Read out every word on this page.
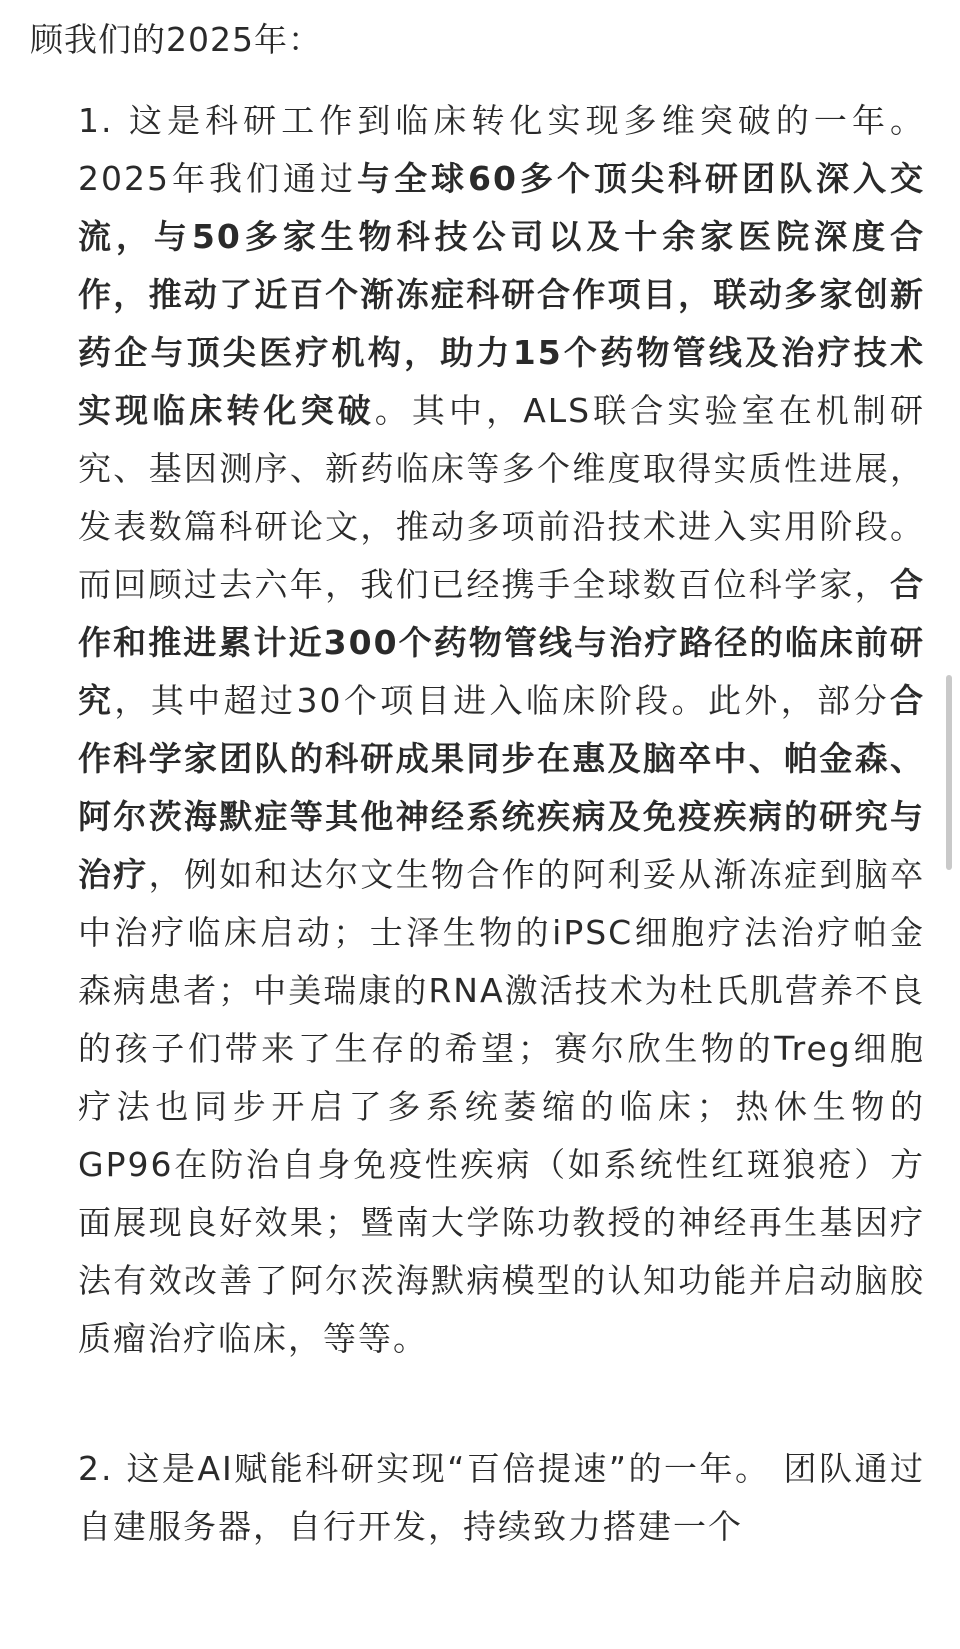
顾我们的2025年：

1. 这是科研工作到临床转化实现多维突破的一年。2025年我们通过与全球60多个顶尖科研团队深入交流，与50多家生物科技公司以及十余家医院深度合作，推动了近百个渐冻症科研合作项目，联动多家创新药企与顶尖医疗机构，助力15个药物管线及治疗技术实现临床转化突破。其中，ALS联合实验室在机制研究、基因测序、新药临床等多个维度取得实质性进展，发表数篇科研论文，推动多项前沿技术进入实用阶段。而回顾过去六年，我们已经携手全球数百位科学家，合作和推进累计近300个药物管线与治疗路径的临床前研究，其中超过30个项目进入临床阶段。此外，部分合作科学家团队的科研成果同步在惠及脑卒中、帕金森、阿尔茨海默症等其他神经系统疾病及免疫疾病的研究与治疗，例如和达尔文生物合作的阿利妥从渐冻症到脑卒中治疗临床启动；士泽生物的iPSC细胞疗法治疗帕金森病患者；中美瑞康的RNA激活技术为杜氏肌营养不良的孩子们带来了生存的希望；赛尔欣生物的Treg细胞疗法也同步开启了多系统萎缩的临床；热休生物的GP96在防治自身免疫性疾病（如系统性红斑狼疮）方面展现良好效果；暨南大学陈功教授的神经再生基因疗法有效改善了阿尔茨海默病模型的认知功能并启动脑胶质瘤治疗临床，等等。

2. 这是AI赋能科研实现“百倍提速”的一年。 团队通过自建服务器，自行开发，持续致力搭建一个
